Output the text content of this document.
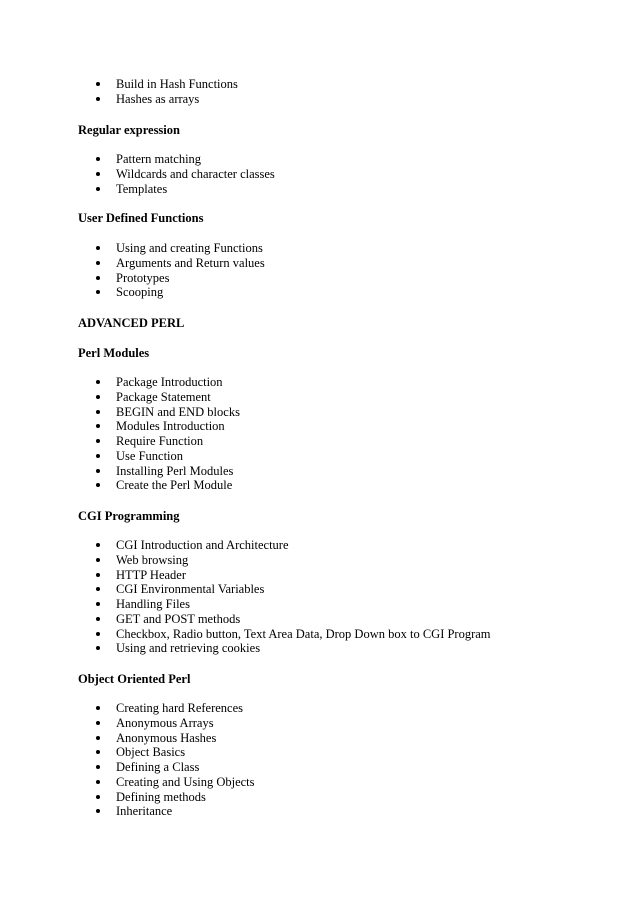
Build in Hash Functions
Hashes as arrays
Regular expression
Pattern matching
Wildcards and character classes
Templates
User Defined Functions
Using and creating Functions
Arguments and Return values
Prototypes
Scooping
ADVANCED PERL
Perl Modules
Package Introduction
Package Statement
BEGIN and END blocks
Modules Introduction
Require Function
Use Function
Installing Perl Modules
Create the Perl Module
CGI Programming
CGI Introduction and Architecture
Web browsing
HTTP Header
CGI Environmental Variables
Handling Files
GET and POST methods
Checkbox, Radio button, Text Area Data, Drop Down box to CGI Program
Using and retrieving cookies
Object Oriented Perl
Creating hard References
Anonymous Arrays
Anonymous Hashes
Object Basics
Defining a Class
Creating and Using Objects
Defining methods
Inheritance
